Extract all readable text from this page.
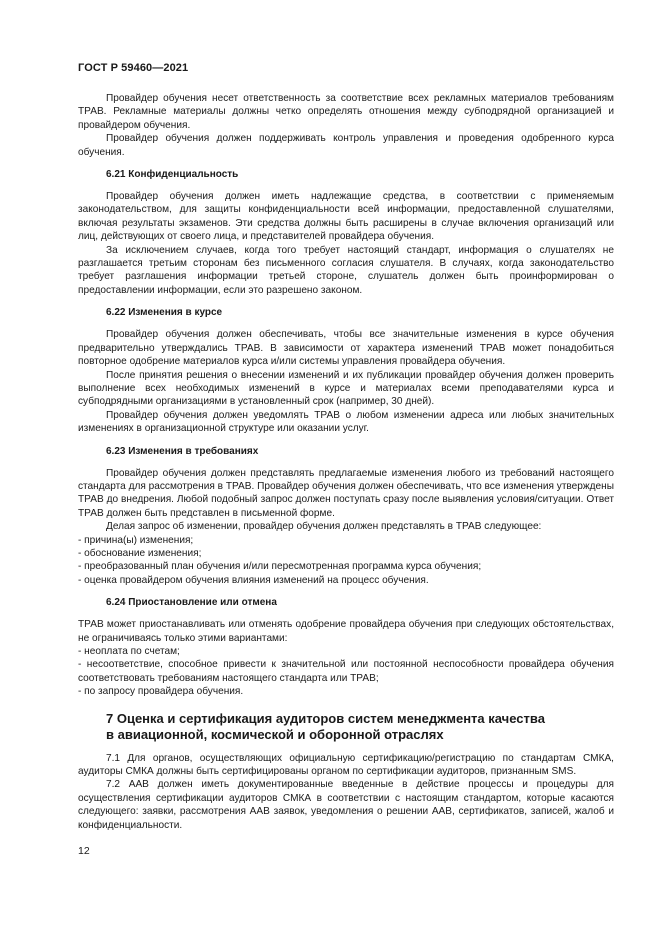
ГОСТ Р 59460—2021

Провайдер обучения несет ответственность за соответствие всех рекламных материалов требованиям ТРАВ. Рекламные материалы должны четко определять отношения между субподрядной организацией и провайдером обучения.

Провайдер обучения должен поддерживать контроль управления и проведения одобренного курса обучения.

6.21 Конфиденциальность

Провайдер обучения должен иметь надлежащие средства, в соответствии с применяемым законодательством, для защиты конфиденциальности всей информации, предоставленной слушателями, включая результаты экзаменов. Эти средства должны быть расширены в случае включения организаций или лиц, действующих от своего лица, и представителей провайдера обучения.

За исключением случаев, когда того требует настоящий стандарт, информация о слушателях не разглашается третьим сторонам без письменного согласия слушателя. В случаях, когда законодательство требует разглашения информации третьей стороне, слушатель должен быть проинформирован о предоставлении информации, если это разрешено законом.

6.22 Изменения в курсе

Провайдер обучения должен обеспечивать, чтобы все значительные изменения в курсе обучения предварительно утверждались ТРАВ. В зависимости от характера изменений ТРАВ может понадобиться повторное одобрение материалов курса и/или системы управления провайдера обучения.

После принятия решения о внесении изменений и их публикации провайдер обучения должен проверить выполнение всех необходимых изменений в курсе и материалах всеми преподавателями курса и субподрядными организациями в установленный срок (например, 30 дней).

Провайдер обучения должен уведомлять ТРАВ о любом изменении адреса или любых значительных изменениях в организационной структуре или оказании услуг.

6.23 Изменения в требованиях

Провайдер обучения должен представлять предлагаемые изменения любого из требований настоящего стандарта для рассмотрения в ТРАВ. Провайдер обучения должен обеспечивать, что все изменения утверждены ТРАВ до внедрения. Любой подобный запрос должен поступать сразу после выявления условия/ситуации. Ответ ТРАВ должен быть представлен в письменной форме.

Делая запрос об изменении, провайдер обучения должен представлять в ТРАВ следующее:

- причина(ы) изменения;

- обоснование изменения;

- преобразованный план обучения и/или пересмотренная программа курса обучения;

- оценка провайдером обучения влияния изменений на процесс обучения.

6.24 Приостановление или отмена

ТРАВ может приостанавливать или отменять одобрение провайдера обучения при следующих обстоятельствах, не ограничиваясь только этими вариантами:

- неоплата по счетам;

- несоответствие, способное привести к значительной или постоянной неспособности провайдера обучения соответствовать требованиям настоящего стандарта или ТРАВ;

- по запросу провайдера обучения.

7 Оценка и сертификация аудиторов систем менеджмента качества
в авиационной, космической и оборонной отраслях

7.1 Для органов, осуществляющих официальную сертификацию/регистрацию по стандартам СМКА, аудиторы СМКА должны быть сертифицированы органом по сертификации аудиторов, признанным SMS.

7.2 ААВ должен иметь документированные введенные в действие процессы и процедуры для осуществления сертификации аудиторов СМКА в соответствии с настоящим стандартом, которые касаются следующего: заявки, рассмотрения ААВ заявок, уведомления о решении ААВ, сертификатов, записей, жалоб и конфиденциальности.

12
